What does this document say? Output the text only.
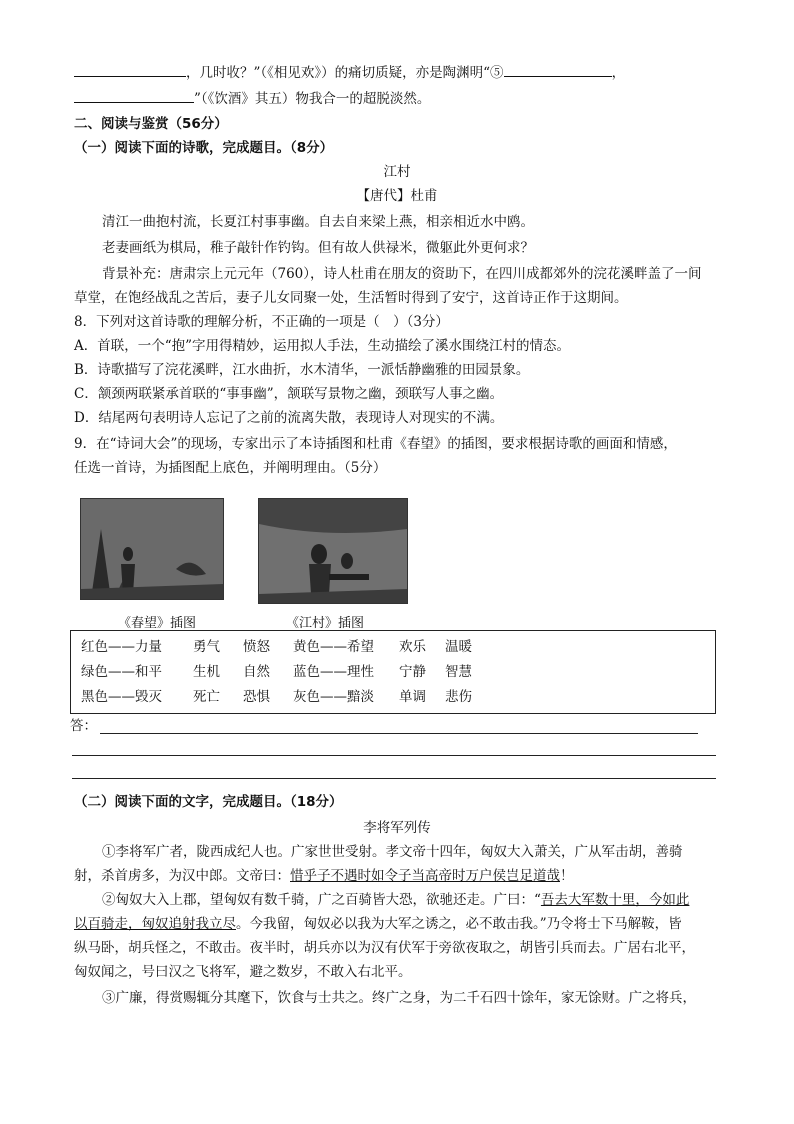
，几时收？”（《相见欢》）的痛切质疑，亦是陶渊明“⑤	，
”（《饮酒》其五）物我合一的超脱淡然。
二、阅读与鉴赏（56分）
（一）阅读下面的诗歌，完成题目。（8分）
江村
【唐代】杜甫
清江一曲抱村流，长夏江村事事幽。自去自来梁上燕，相亲相近水中鸥。
老妻画纸为棋局，稚子敲针作钓钩。但有故人供禄米，微躯此外更何求？
背景补充：唐肃宗上元元年（760），诗人杜甫在朋友的资助下，在四川成都郊外的浣花溪畔盖了一间
草堂，在饱经战乱之苦后，妻子儿女同聚一处，生活暂时得到了安宁，这首诗正作于这期间。
8．下列对这首诗歌的理解分析，不正确的一项是（　）（3分）
A．首联，一个“抱”字用得精妙，运用拟人手法，生动描绘了溪水围绕江村的情态。
B．诗歌描写了浣花溪畔，江水曲折，水木清华，一派恬静幽雅的田园景象。
C．颔颈两联紧承首联的“事事幽”，颔联写景物之幽，颈联写人事之幽。
D．结尾两句表明诗人忘记了之前的流离失散，表现诗人对现实的不满。
9．在“诗词大会”的现场，专家出示了本诗插图和杜甫《春望》的插图，要求根据诗歌的画面和情感，
任选一首诗，为插图配上底色，并阐明理由。（5分）
《春望》插图	《江村》插图
红色——力量 勇气 愤怒 黄色——希望 欢乐 温暖
绿色——和平 生机 自然 蓝色——理性 宁静 智慧
黑色——毁灭 死亡 恐惧 灰色——黯淡 单调 悲伤
答：
（二）阅读下面的文字，完成题目。（18分）
李将军列传
①李将军广者，陇西成纪人也。广家世世受射。孝文帝十四年，匈奴大入萧关，广从军击胡，善骑
射，杀首虏多，为汉中郎。文帝曰：惜乎子不遇时如令子当高帝时万户侯岂足道哉！
②匈奴大入上郡，望匈奴有数千骑，广之百骑皆大恐，欲驰还走。广曰：“吾去大军数十里，今如此
以百骑走，匈奴追射我立尽。今我留，匈奴必以我为大军之诱之，必不敢击我。”乃令将士下马解鞍，皆
纵马卧，胡兵怪之，不敢击。夜半时，胡兵亦以为汉有伏军于旁欲夜取之，胡皆引兵而去。广居右北平，
匈奴闻之，号曰汉之飞将军，避之数岁，不敢入右北平。
③广廉，得赏赐辄分其麾下，饮食与士共之。终广之身，为二千石四十馀年，家无馀财。广之将兵，
